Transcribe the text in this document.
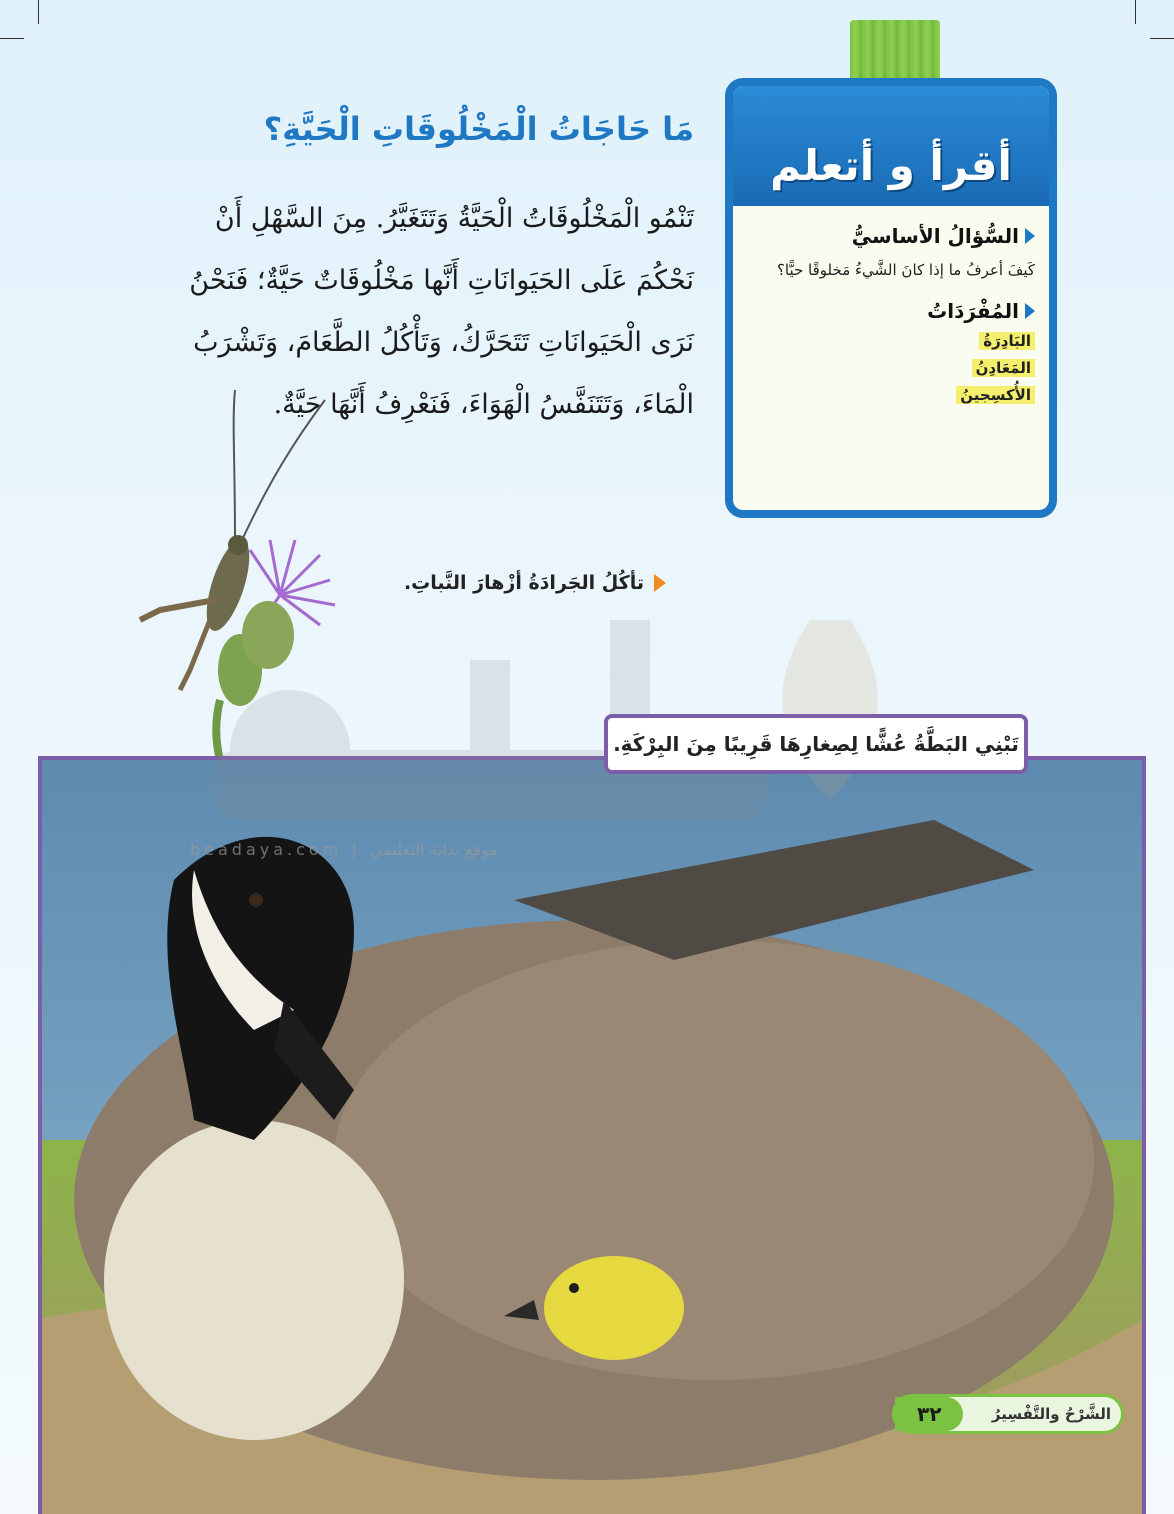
أقرأ و أتعلم
السُّؤالُ الأساسيُّ
كَيفَ أعرفُ ما إذا كانَ الشَّيءُ مَخلوقًا حيًّا؟
المُفْرَدَاتُ
البَادِرَةُ
المَعَادِنُ
الأُكسِجينُ
مَا حَاجَاتُ الْمَخْلُوقَاتِ الْحَيَّةِ؟
تَنْمُو الْمَخْلُوقَاتُ الْحَيَّةُ وَتَتَغَيَّرُ. مِنَ السَّهْلِ أَنْ نَحْكُمَ عَلَى الحَيَوانَاتِ أَنَّها مَخْلُوقَاتٌ حَيَّةٌ؛ فَنَحْنُ نَرَى الْحَيَوانَاتِ تَتَحَرَّكُ، وَتَأْكُلُ الطَّعَامَ، وَتَشْرَبُ الْمَاءَ، وَتَتَنَفَّسُ الْهَوَاءَ، فَنَعْرِفُ أَنَّهَا حَيَّةٌ.
تأكُلُ الجَرادَةُ أزْهارَ النَّباتِ.
beadaya.com | موقع بداية التعليمي
تَبْنِي البَطَّةُ عُشًّا لِصِغارِهَا قَرِيبًا مِنَ البِرْكَةِ.
الشَّرْحُ والتَّفْسِيرُ
٣٢
